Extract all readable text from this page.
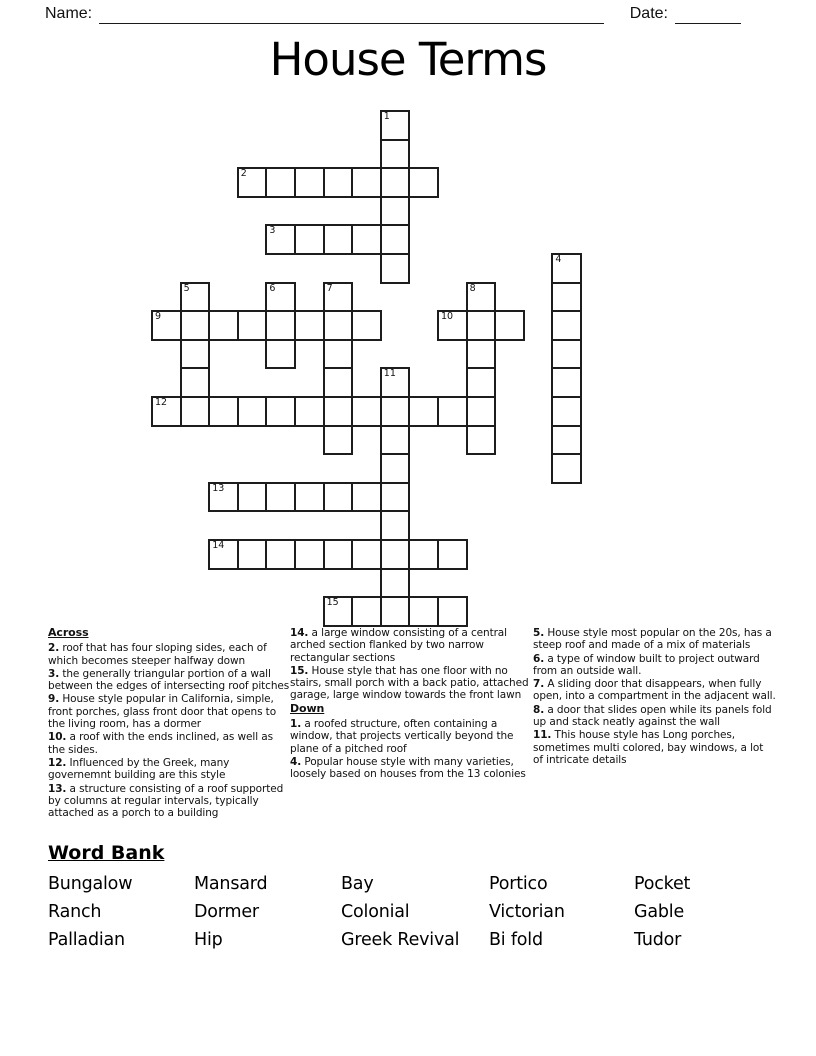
Name:	Date:
House Terms
1
2
3
4
5	6	7	8
9	10
11
12
13
14
15
Across
2. roof that has four sloping sides, each of which becomes steeper halfway down
3. the generally triangular portion of a wall between the edges of intersecting roof pitches
9. House style popular in California, simple, front porches, glass front door that opens to the living room, has a dormer
10. a roof with the ends inclined, as well as the sides.
12. Influenced by the Greek, many governemnt building are this style
13. a structure consisting of a roof supported by columns at regular intervals, typically attached as a porch to a building
14. a large window consisting of a central arched section flanked by two narrow rectangular sections
15. House style that has one floor with no stairs, small porch with a back patio, attached garage, large window towards the front lawn
Down
1. a roofed structure, often containing a window, that projects vertically beyond the plane of a pitched roof
4. Popular house style with many varieties, loosely based on houses from the 13 colonies
5. House style most popular on the 20s, has a steep roof and made of a mix of materials
6. a type of window built to project outward from an outside wall.
7. A sliding door that disappears, when fully open, into a compartment in the adjacent wall.
8. a door that slides open while its panels fold up and stack neatly against the wall
11. This house style has Long porches, sometimes multi colored, bay windows, a lot of intricate details
Word Bank
Bungalow	Mansard	Bay	Portico	Pocket
Ranch	Dormer	Colonial	Victorian	Gable
Palladian	Hip	Greek Revival	Bi fold	Tudor
